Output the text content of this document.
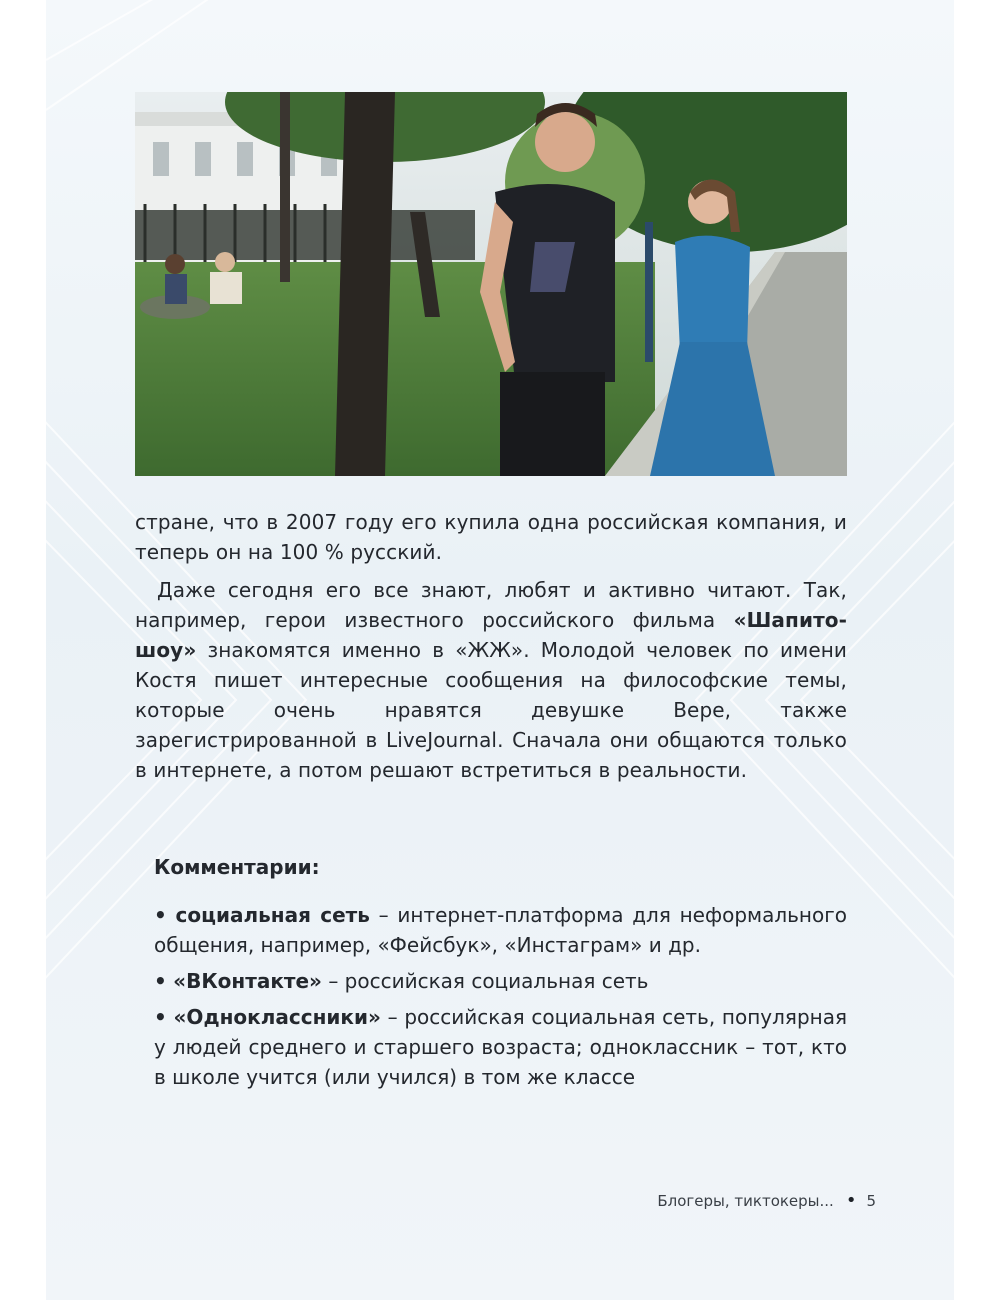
стране, что в 2007 году его купила одна российская компания, и теперь он на 100 % русский.

Даже сегодня его все знают, любят и активно читают. Так, например, герои известного российского фильма «Шапито-шоу» знакомятся именно в «ЖЖ». Молодой человек по имени Костя пишет интересные сообщения на философские темы, которые очень нравятся девушке Вере, также зарегистрированной в LiveJournal. Сначала они общаются только в интернете, а потом решают встретиться в реальности.

Комментарии:
• социальная сеть – интернет-платформа для неформального общения, например, «Фейсбук», «Инстаграм» и др.
• «ВКонтакте» – российская социальная сеть
• «Одноклассники» – российская социальная сеть, популярная у людей среднего и старшего возраста; одноклассник – тот, кто в школе учится (или учился) в том же классе
Блогеры, тиктокеры... • 5
